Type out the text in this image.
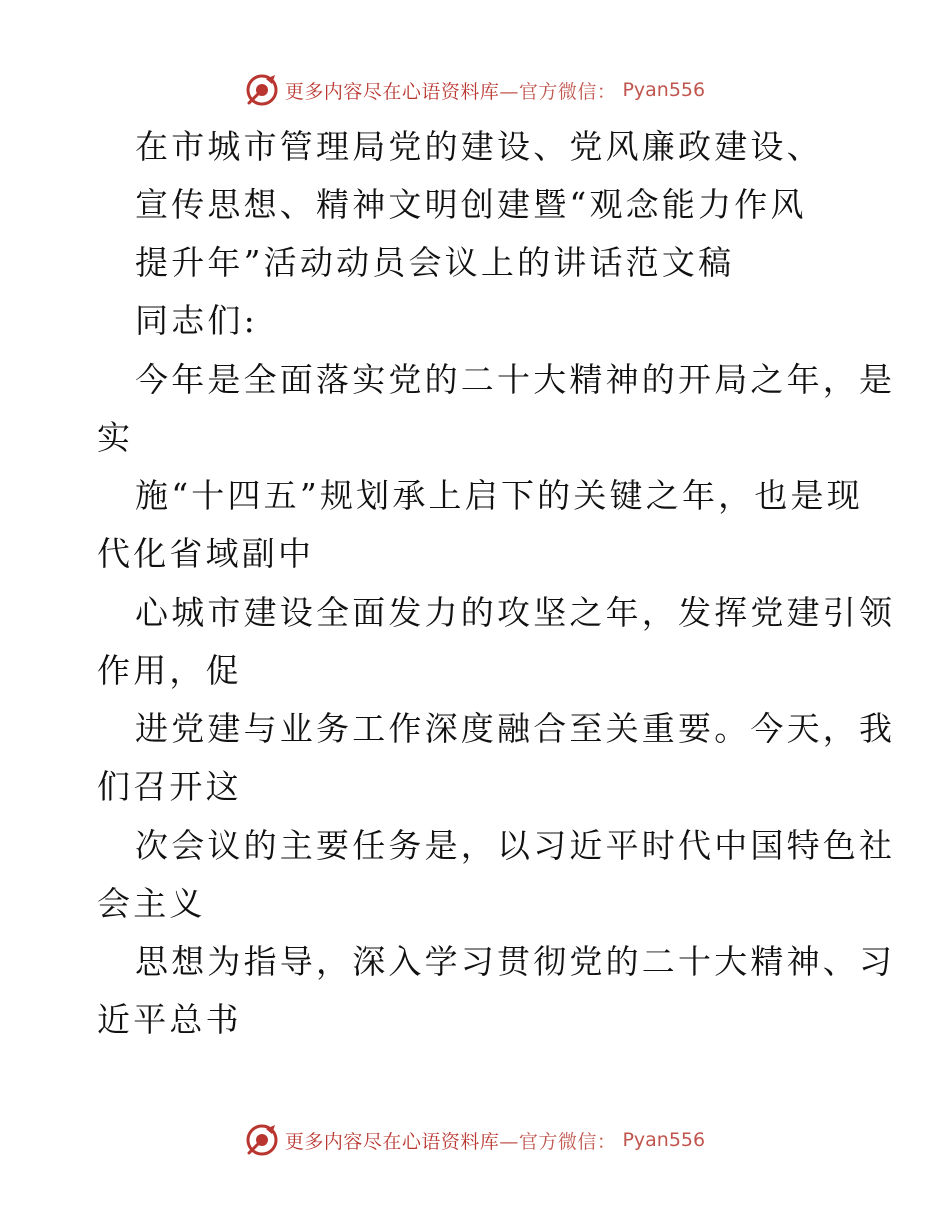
更多内容尽在心语资料库—官方微信： Pyan556
在市城市管理局党的建设、党风廉政建设、
宣传思想、精神文明创建暨“观念能力作风
提升年”活动动员会议上的讲话范文稿
同志们:
今年是全面落实党的二十大精神的开局之年，是
实
施“十四五”规划承上启下的关键之年，也是现
代化省域副中
心城市建设全面发力的攻坚之年，发挥党建引领
作用，促
进党建与业务工作深度融合至关重要。今天，我
们召开这
次会议的主要任务是，以习近平时代中国特色社
会主义
思想为指导，深入学习贯彻党的二十大精神、习
近平总书
更多内容尽在心语资料库—官方微信： Pyan556
